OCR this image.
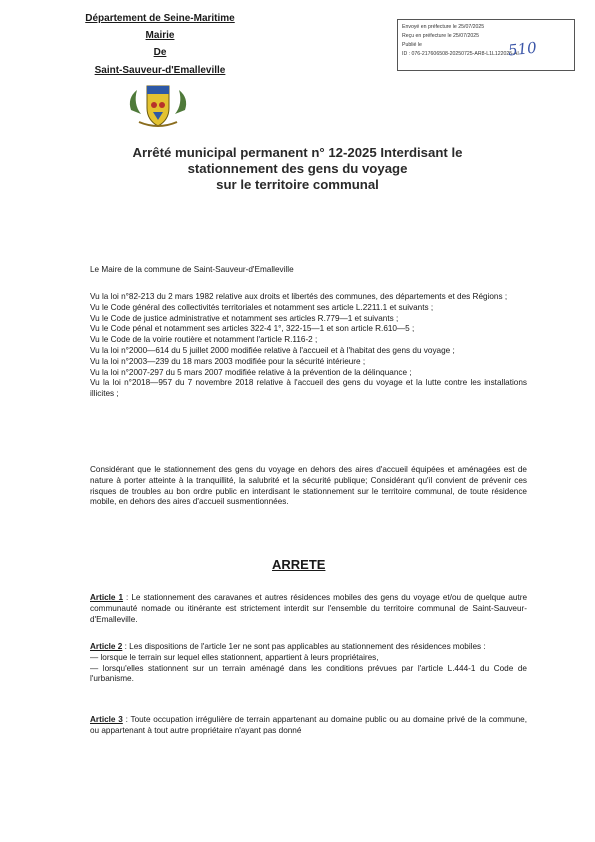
Département de Seine-Maritime
Mairie
De
Saint-Sauveur-d'Emalleville
Envoyé en préfecture le 25/07/2025
Reçu en préfecture le 25/07/2025
Publié le
ID : 076-217606508-20250725-AR8-L1L122025-AI
510
Arrêté municipal permanent n° 12-2025 Interdisant le
stationnement des gens du voyage
sur le territoire communal
Le Maire de la commune de Saint-Sauveur-d'Emalleville

Vu la loi n°82-213 du 2 mars 1982 relative aux droits et libertés des communes, des départements et des Régions ;

Vu le Code général des collectivités territoriales et notamment ses article L.2211.1 et suivants ;

Vu le Code de justice administrative et notamment ses articles R.779—1 et suivants ;

Vu le Code pénal et notamment ses articles 322-4 1°, 322-15—1 et son article R.610—5 ;

Vu le Code de la voirie routière et notamment l'article R.116-2 ;

Vu la loi n°2000—614 du 5 juillet 2000 modifiée relative à l'accueil et à l'habitat des gens du voyage ;

Vu la loi n°2003—239 du 18 mars 2003 modifiée pour la sécurité intérieure ;

Vu la loi n°2007-297 du 5 mars 2007 modifiée relative à la prévention de la délinquance ;

Vu la loi n°2018—957 du 7 novembre 2018 relative à l'accueil des gens du voyage et la lutte contre les installations illicites ;

Considérant que le stationnement des gens du voyage en dehors des aires d'accueil équipées et aménagées est de nature à porter atteinte à la tranquillité, la salubrité et la sécurité publique; Considérant qu'il convient de prévenir ces risques de troubles au bon ordre public en interdisant le stationnement sur le territoire communal, de toute résidence mobile, en dehors des aires d'accueil susmentionnées.
ARRETE

Article 1 : Le stationnement des caravanes et autres résidences mobiles des gens du voyage et/ou de quelque autre communauté nomade ou itinérante est strictement interdit sur l'ensemble du territoire communal de Saint-Sauveur-d'Emalleville.

Article 2 : Les dispositions de l'article 1er ne sont pas applicables au stationnement des résidences mobiles :

— lorsque le terrain sur lequel elles stationnent, appartient à leurs propriétaires,

— lorsqu'elles stationnent sur un terrain aménagé dans les conditions prévues par l'article L.444-1 du Code de l'urbanisme.

Article 3 : Toute occupation irrégulière de terrain appartenant au domaine public ou au domaine privé de la commune, ou appartenant à tout autre propriétaire n'ayant pas donné
